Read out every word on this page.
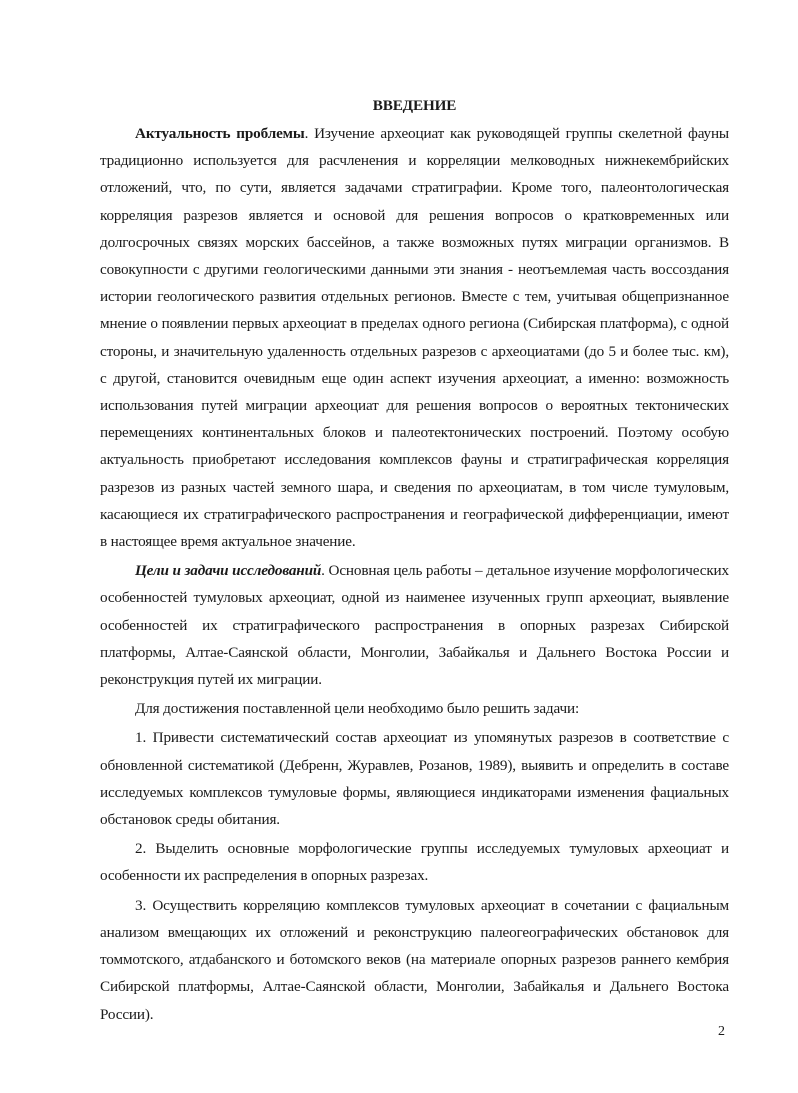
ВВЕДЕНИЕ

Актуальность проблемы. Изучение археоциат как руководящей группы скелетной фауны традиционно используется для расчленения и корреляции мелководных нижнекембрийских отложений, что, по сути, является задачами стратиграфии. Кроме того, палеонтологическая корреляция разрезов является и основой для решения вопросов о кратковременных или долгосрочных связях морских бассейнов, а также возможных путях миграции организмов. В совокупности с другими геологическими данными эти знания - неотъемлемая часть воссоздания истории геологического развития отдельных регионов. Вместе с тем, учитывая общепризнанное мнение о появлении первых археоциат в пределах одного региона (Сибирская платформа), с одной стороны, и значительную удаленность отдельных разрезов с археоциатами (до 5 и более тыс. км), с другой, становится очевидным еще один аспект изучения археоциат, а именно: возможность использования путей миграции археоциат для решения вопросов о вероятных тектонических перемещениях континентальных блоков и палеотектонических построений. Поэтому особую актуальность приобретают исследования комплексов фауны и стратиграфическая корреляция разрезов из разных частей земного шара, и сведения по археоциатам, в том числе тумуловым, касающиеся их стратиграфического распространения и географической дифференциации, имеют в настоящее время актуальное значение.

Цели и задачи исследований. Основная цель работы – детальное изучение морфологических особенностей тумуловых археоциат, одной из наименее изученных групп археоциат, выявление особенностей их стратиграфического распространения в опорных разрезах Сибирской платформы, Алтае-Саянской области, Монголии, Забайкалья и Дальнего Востока России и реконструкция путей их миграции.

Для достижения поставленной цели необходимо было решить задачи:

1. Привести систематический состав археоциат из упомянутых разрезов в соответствие с обновленной систематикой (Дебренн, Журавлев, Розанов, 1989), выявить и определить в составе исследуемых комплексов тумуловые формы, являющиеся индикаторами изменения фациальных обстановок среды обитания.

2. Выделить основные морфологические группы исследуемых тумуловых археоциат и особенности их распределения в опорных разрезах.

3. Осуществить корреляцию комплексов тумуловых археоциат в сочетании с фациальным анализом вмещающих их отложений и реконструкцию палеогеографических обстановок для томмотского, атдабанского и ботомского веков (на материале опорных разрезов раннего кембрия Сибирской платформы, Алтае-Саянской области, Монголии, Забайкалья и Дальнего Востока России).

2
